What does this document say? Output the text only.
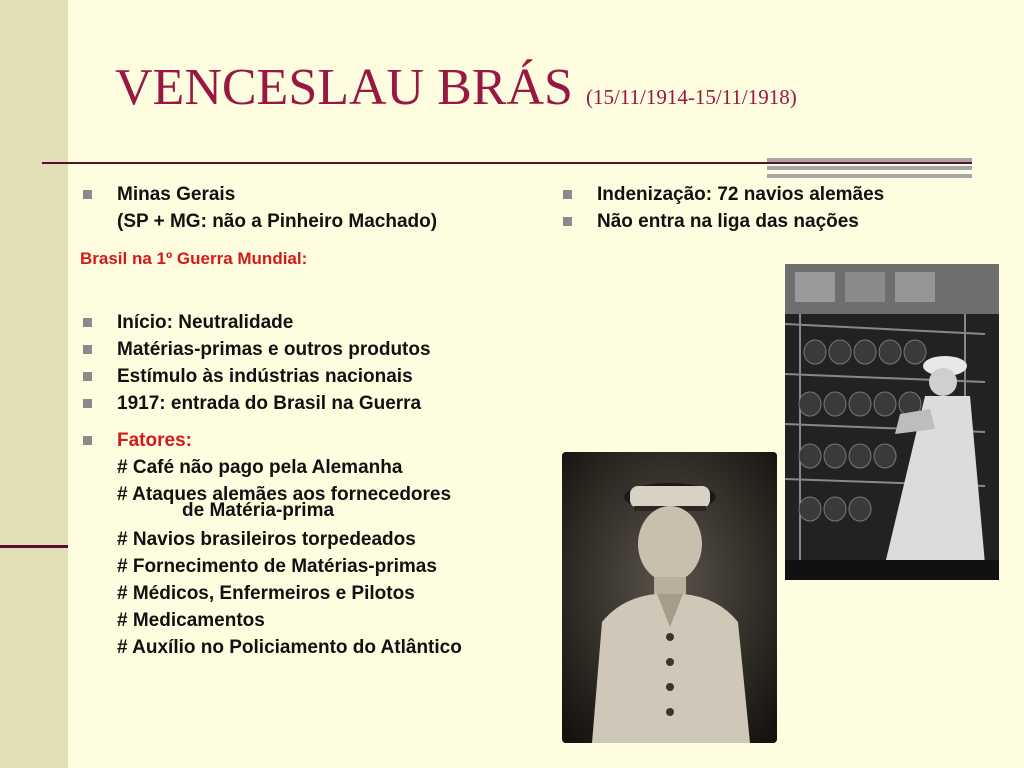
VENCESLAU BRÁS (15/11/1914-15/11/1918)
Minas Gerais
(SP + MG: não a Pinheiro Machado)
Brasil na 1º Guerra Mundial:
Início: Neutralidade
Matérias-primas e outros produtos
Estímulo às indústrias nacionais
1917: entrada do Brasil na Guerra
Fatores:
# Café não pago pela Alemanha
# Ataques alemães aos fornecedores
de Matéria-prima
# Navios brasileiros torpedeados
# Fornecimento de Matérias-primas
# Médicos, Enfermeiros e Pilotos
# Medicamentos
# Auxílio no Policiamento do Atlântico
Indenização: 72 navios alemães
Não entra na liga das nações
